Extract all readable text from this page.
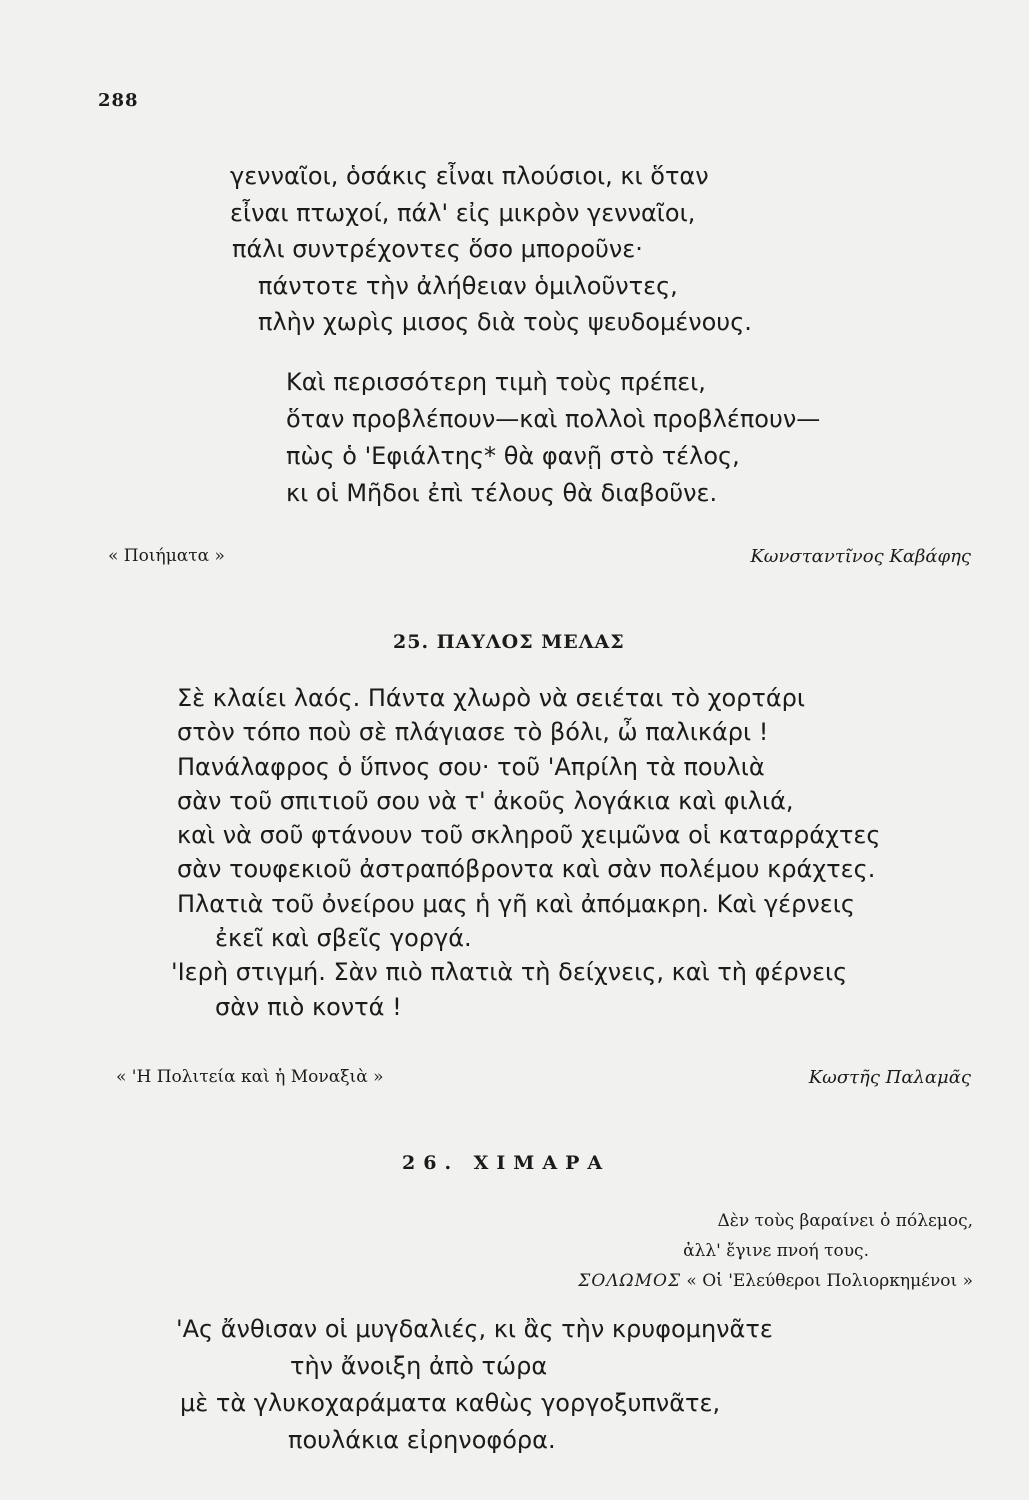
288
γενναῖοι, ὁσάκις εἶναι πλούσιοι, κι ὅταν
εἶναι πτωχοί, πάλ' εἰς μικρὸν γενναῖοι,
πάλι συντρέχοντες ὅσο μποροῦνε·
πάντοτε τὴν ἀλήθειαν ὁμιλοῦντες,
πλὴν χωρὶς μισος διὰ τοὺς ψευδομένους.
Καὶ περισσότερη τιμὴ τοὺς πρέπει,
ὅταν προβλέπουν—καὶ πολλοὶ προβλέπουν—
πὼς ὁ 'Εφιάλτης* θὰ φανῇ στὸ τέλος,
κι οἱ Μῆδοι ἐπὶ τέλους θὰ διαβοῦνε.
« Ποιήματα »	Κωνσταντῖνος Καβάφης
25. ΠΑΥΛΟΣ ΜΕΛΑΣ
Σὲ κλαίει λαός. Πάντα χλωρὸ νὰ σειέται τὸ χορτάρι
στὸν τόπο ποὺ σὲ πλάγιασε τὸ βόλι, ὦ παλικάρι !
Πανάλαφρος ὁ ὕπνος σου· τοῦ 'Απρίλη τὰ πουλιὰ
σὰν τοῦ σπιτιοῦ σου νὰ τ' ἀκοῦς λογάκια καὶ φιλιά,
καὶ νὰ σοῦ φτάνουν τοῦ σκληροῦ χειμῶνα οἱ καταρράχτες
σὰν τουφεκιοῦ ἀστραπόβροντα καὶ σὰν πολέμου κράχτες.
Πλατιὰ τοῦ ὀνείρου μας ἡ γῆ καὶ ἀπόμακρη. Καὶ γέρνεις
ἐκεῖ καὶ σβεῖς γοργά.
'Ιερὴ στιγμή. Σὰν πιὸ πλατιὰ τὴ δείχνεις, καὶ τὴ φέρνεις
σὰν πιὸ κοντά !
« 'Η Πολιτεία καὶ ἡ Μοναξιὰ »	Κωστῆς Παλαμᾶς
26. ΧΙΜΑΡΑ
Δὲν τοὺς βαραίνει ὁ πόλεμος,
ἀλλ' ἔγινε πνοή τους.
ΣΟΛΩΜΟΣ « Οἱ 'Ελεύθεροι Πολιορκημένοι »
'Ας ἄνθισαν οἱ μυγδαλιές, κι ἂς τὴν κρυφομηνᾶτε
τὴν ἄνοιξη ἀπὸ τώρα
μὲ τὰ γλυκοχαράματα καθὼς γοργοξυπνᾶτε,
πουλάκια εἰρηνοφόρα.
